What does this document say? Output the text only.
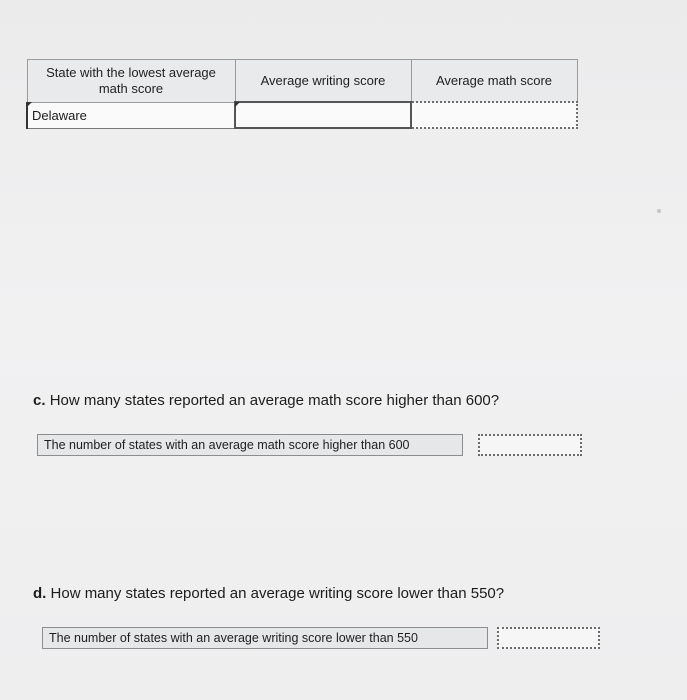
State with the lowest average math score	Average writing score	Average math score
Delaware		

c. How many states reported an average math score higher than 600?

The number of states with an average math score higher than 600

d. How many states reported an average writing score lower than 550?

The number of states with an average writing score lower than 550
